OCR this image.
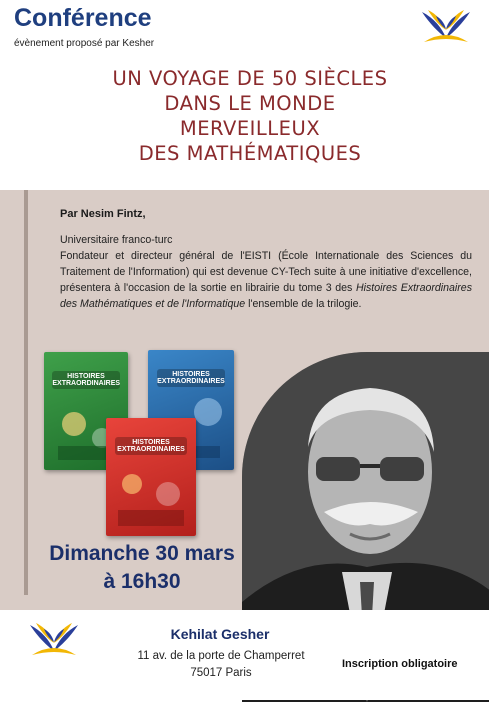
Conférence
évènement proposé par Kesher
UN VOYAGE DE 50 SIÈCLES
DANS LE MONDE
MERVEILLEUX
DES MATHÉMATIQUES
Par Nesim Fintz,

Universitaire franco-turc

Fondateur et directeur général de l'EISTI (École Internationale des Sciences du Traitement de l'Information) qui est devenue CY-Tech suite à une initiative d'excellence, présentera à l'occasion de la sortie en librairie du tome 3 des Histoires Extraordinaires des Mathématiques et de l'Informatique l'ensemble de la trilogie.

HISTOIRES EXTRAORDINAIRES
HISTOIRES EXTRAORDINAIRES
HISTOIRES EXTRAORDINAIRES
Dimanche 30 mars
à 16h30
Kehilat Gesher
11 av. de la porte de Champerret
75017 Paris
Inscription obligatoire
